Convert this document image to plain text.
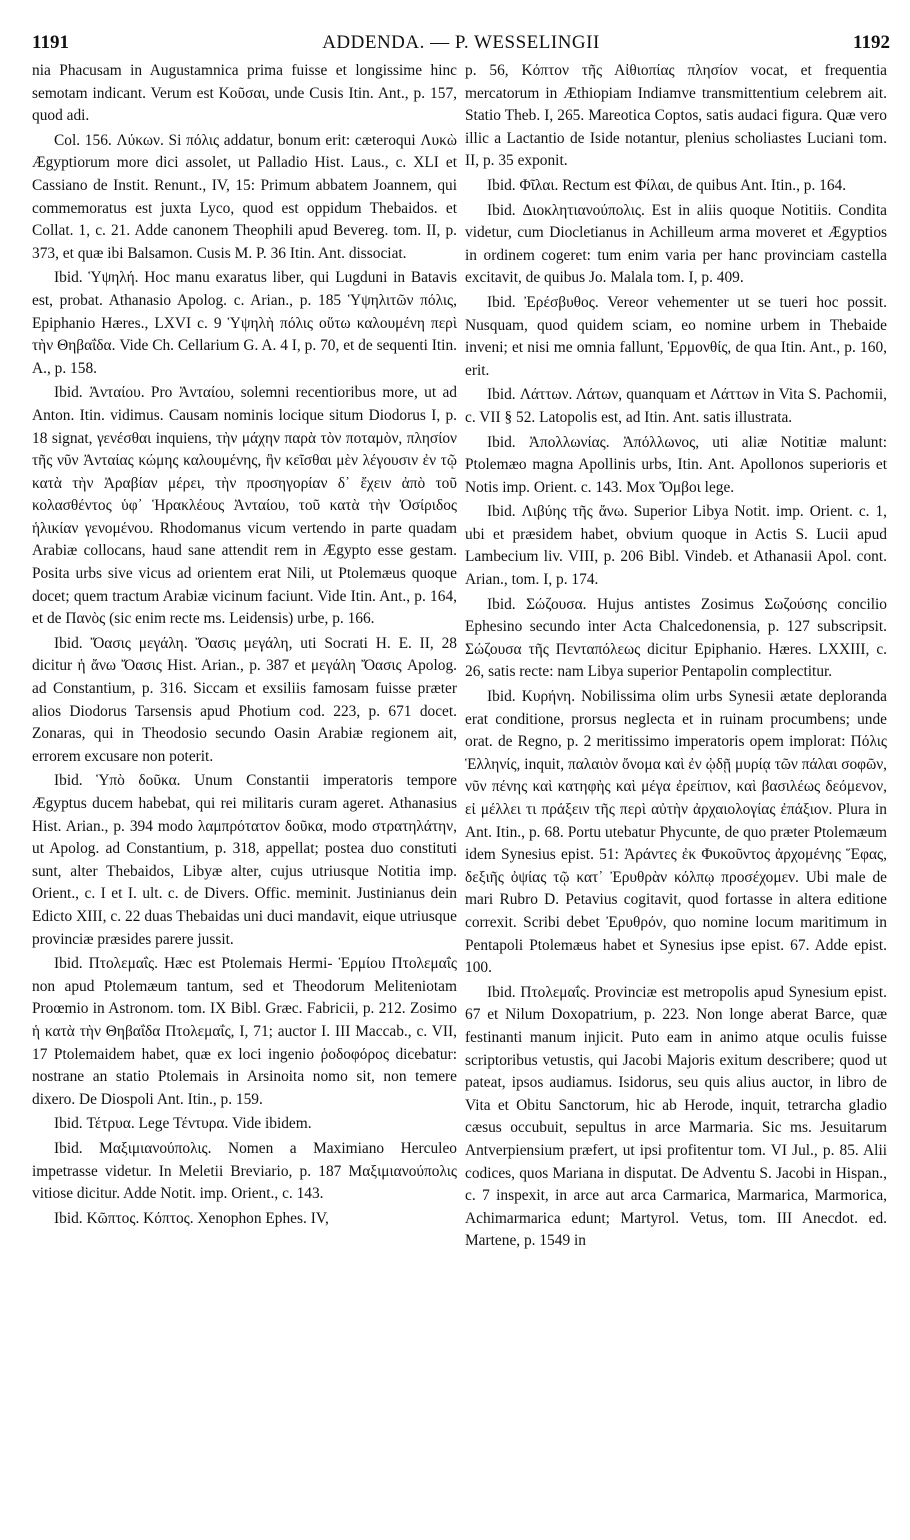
1191	ADDENDA. — P. WESSELINGII	1192

nia Phacusam in Augustamnica prima fuisse et longissime hinc semotam indicant. Verum est Κοῦσαι, unde Cusis Itin. Ant., p. 157, quod adi.

Col. 156. Λύκων. Si πόλις addatur, bonum erit: cæteroqui Λυκὼ Ægyptiorum more dici assolet, ut Palladio Hist. Laus., c. XLI et Cassiano de Instit. Renunt., IV, 15: Primum abbatem Joannem, qui commemoratus est juxta Lyco, quod est oppidum Thebaidos. et Collat. 1, c. 21. Adde canonem Theophili apud Bevereg. tom. II, p. 373, et quæ ibi Balsamon. Cusis M. P. 36 Itin. Ant. dissociat.

Ibid. Ὑψηλή. Hoc manu exaratus liber, qui Lugduni in Batavis est, probat. Athanasio Apolog. c. Arian., p. 185 Ὑψηλιτῶν πόλις, Epiphanio Hæres., LXVI c. 9 Ὑψηλὴ πόλις οὕτω καλουμένη περὶ τὴν Θηβαΐδα. Vide Ch. Cellarium G. A. 4 I, p. 70, et de sequenti Itin. A., p. 158.

Ibid. Ἀνταίου. Pro Ἀνταίου, solemni recentioribus more, ut ad Anton. Itin. vidimus. Causam nominis locique situm Diodorus I, p. 18 signat, γενέσθαι inquiens, τὴν μάχην παρὰ τὸν ποταμὸν, πλησίον τῆς νῦν Ἀνταίας κώμης καλουμένης, ἣν κεῖσθαι μὲν λέγουσιν ἐν τῷ κατὰ τὴν Ἀραβίαν μέρει, τὴν προσηγορίαν δ᾽ ἔχειν ἀπὸ τοῦ κολασθέντος ὑφ᾽ Ἡρακλέους Ἀνταίου, τοῦ κατὰ τὴν Ὀσίριδος ἡλικίαν γενομένου. Rhodomanus vicum vertendo in parte quadam Arabiæ collocans, haud sane attendit rem in Ægypto esse gestam. Posita urbs sive vicus ad orientem erat Nili, ut Ptolemæus quoque docet; quem tractum Arabiæ vicinum faciunt. Vide Itin. Ant., p. 164, et de Πανὸς (sic enim recte ms. Leidensis) urbe, p. 166.

Ibid. Ὄασις μεγάλη. Ὄασις μεγάλη, uti Socrati H. E. II, 28 dicitur ἡ ἄνω Ὄασις Hist. Arian., p. 387 et μεγάλη Ὄασις Apolog. ad Constantium, p. 316. Siccam et exsiliis famosam fuisse præter alios Diodorus Tarsensis apud Photium cod. 223, p. 671 docet. Zonaras, qui in Theodosio secundo Oasin Arabiæ regionem ait, errorem excusare non poterit.

Ibid. Ὑπὸ δοῦκα. Unum Constantii imperatoris tempore Ægyptus ducem habebat, qui rei militaris curam ageret. Athanasius Hist. Arian., p. 394 modo λαμπρότατον δοῦκα, modo στρατηλάτην, ut Apolog. ad Constantium, p. 318, appellat; postea duo constituti sunt, alter Thebaidos, Libyæ alter, cujus utriusque Notitia imp. Orient., c. I et I. ult. c. de Divers. Offic. meminit. Justinianus dein Edicto XIII, c. 22 duas Thebaidas uni duci mandavit, eique utriusque provinciæ præsides parere jussit.

Ibid. Πτολεμαΐς. Hæc est Ptolemais Hermi- Ἑρμίου Πτολεμαΐς non apud Ptolemæum tantum, sed et Theodorum Meliteniotam Proœmio in Astronom. tom. IX Bibl. Græc. Fabricii, p. 212. Zosimo ἡ κατὰ τὴν Θηβαΐδα Πτολεμαΐς, I, 71; auctor I. III Maccab., c. VII, 17 Ptolemaidem habet, quæ ex loci ingenio ῥοδοφόρος dicebatur: nostrane an statio Ptolemais in Arsinoita nomo sit, non temere dixero. De Diospoli Ant. Itin., p. 159.

Ibid. Τέτρυα. Lege Τέντυρα. Vide ibidem.

Ibid. Μαξιμιανούπολις. Nomen a Maximiano Herculeo impetrasse videtur. In Meletii Breviario, p. 187 Μαξιμιανούπολις vitiose dicitur. Adde Notit. imp. Orient., c. 143.

Ibid. Κῶπτος. Κόπτος. Xenophon Ephes. IV,

p. 56, Κόπτον τῆς Αἰθιοπίας πλησίον vocat, et frequentia mercatorum in Æthiopiam Indiamve transmittentium celebrem ait. Statio Theb. I, 265. Mareotica Coptos, satis audaci figura. Quæ vero illic a Lactantio de Iside notantur, plenius scholiastes Luciani tom. II, p. 35 exponit.

Ibid. Φῖλαι. Rectum est Φίλαι, de quibus Ant. Itin., p. 164.

Ibid. Διοκλητιανούπολις. Est in aliis quoque Notitiis. Condita videtur, cum Diocletianus in Achilleum arma moveret et Ægyptios in ordinem cogeret: tum enim varia per hanc provinciam castella excitavit, de quibus Jo. Malala tom. I, p. 409.

Ibid. Ἐρέσβυθος. Vereor vehementer ut se tueri hoc possit. Nusquam, quod quidem sciam, eo nomine urbem in Thebaide inveni; et nisi me omnia fallunt, Ἑρμονθίς, de qua Itin. Ant., p. 160, erit.

Ibid. Λάττων. Λάτων, quanquam et Λάττων in Vita S. Pachomii, c. VII § 52. Latopolis est, ad Itin. Ant. satis illustrata.

Ibid. Ἀπολλωνίας. Ἀπόλλωνος, uti aliæ Notitiæ malunt: Ptolemæo magna Apollinis urbs, Itin. Ant. Apollonos superioris et Notis imp. Orient. c. 143. Mox Ὄμβοι lege.

Ibid. Λιβύης τῆς ἄνω. Superior Libya Notit. imp. Orient. c. 1, ubi et præsidem habet, obvium quoque in Actis S. Lucii apud Lambecium liv. VIII, p. 206 Bibl. Vindeb. et Athanasii Apol. cont. Arian., tom. I, p. 174.

Ibid. Σώζουσα. Hujus antistes Zosimus Σωζούσης concilio Ephesino secundo inter Acta Chalcedonensia, p. 127 subscripsit. Σώζουσα τῆς Πενταπόλεως dicitur Epiphanio. Hæres. LXXIII, c. 26, satis recte: nam Libya superior Pentapolin complectitur.

Ibid. Κυρήνη. Nobilissima olim urbs Synesii ætate deploranda erat conditione, prorsus neglecta et in ruinam procumbens; unde orat. de Regno, p. 2 meritissimo imperatoris opem implorat: Πόλις Ἑλληνίς, inquit, παλαιὸν ὄνομα καὶ ἐν ᾠδῇ μυρίᾳ τῶν πάλαι σοφῶν, νῦν πένης καὶ κατηφὴς καὶ μέγα ἐρείπιον, καὶ βασιλέως δεόμενον, εἰ μέλλει τι πράξειν τῆς περὶ αὐτὴν ἀρχαιολογίας ἐπάξιον. Plura in Ant. Itin., p. 68. Portu utebatur Phycunte, de quo præter Ptolemæum idem Synesius epist. 51: Ἀράντες ἐκ Φυκοῦντος ἀρχομένης Ἕφας, δεξιῆς ὀψίας τῷ κατ᾽ Ἐρυθρὰν κόλπῳ προσέχομεν. Ubi male de mari Rubro D. Petavius cogitavit, quod fortasse in altera editione correxit. Scribi debet Ἐρυθρόν, quo nomine locum maritimum in Pentapoli Ptolemæus habet et Synesius ipse epist. 67. Adde epist. 100.

Ibid. Πτολεμαΐς. Provinciæ est metropolis apud Synesium epist. 67 et Nilum Doxopatrium, p. 223. Non longe aberat Barce, quæ festinanti manum injicit. Puto eam in animo atque oculis fuisse scriptoribus vetustis, qui Jacobi Majoris exitum describere; quod ut pateat, ipsos audiamus. Isidorus, seu quis alius auctor, in libro de Vita et Obitu Sanctorum, hic ab Herode, inquit, tetrarcha gladio cæsus occubuit, sepultus in arce Marmaria. Sic ms. Jesuitarum Antverpiensium præfert, ut ipsi profitentur tom. VI Jul., p. 85. Alii codices, quos Mariana in disputat. De Adventu S. Jacobi in Hispan., c. 7 inspexit, in arce aut arca Carmarica, Marmarica, Marmorica, Achimarmarica edunt; Martyrol. Vetus, tom. III Anecdot. ed. Martene, p. 1549 in
